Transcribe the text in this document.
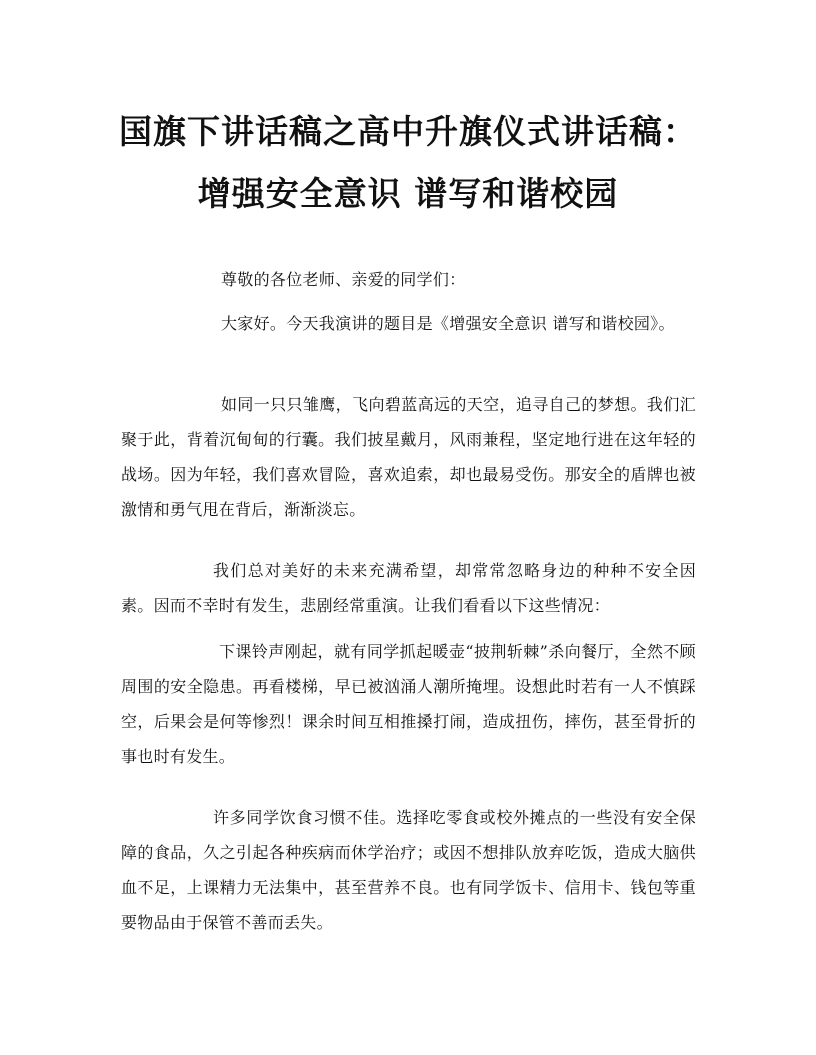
国旗下讲话稿之高中升旗仪式讲话稿：
增强安全意识 谱写和谐校园

尊敬的各位老师、亲爱的同学们：

大家好。今天我演讲的题目是《增强安全意识 谱写和谐校园》。

如同一只只雏鹰，飞向碧蓝高远的天空，追寻自己的梦想。我们汇聚于此，背着沉甸甸的行囊。我们披星戴月，风雨兼程，坚定地行进在这年轻的战场。因为年轻，我们喜欢冒险，喜欢追索，却也最易受伤。那安全的盾牌也被激情和勇气甩在背后，渐渐淡忘。

我们总对美好的未来充满希望，却常常忽略身边的种种不安全因素。因而不幸时有发生，悲剧经常重演。让我们看看以下这些情况：

下课铃声刚起，就有同学抓起暖壶“披荆斩棘”杀向餐厅，全然不顾周围的安全隐患。再看楼梯，早已被汹涌人潮所掩埋。设想此时若有一人不慎踩空，后果会是何等惨烈！课余时间互相推搡打闹，造成扭伤，摔伤，甚至骨折的事也时有发生。

许多同学饮食习惯不佳。选择吃零食或校外摊点的一些没有安全保障的食品，久之引起各种疾病而休学治疗；或因不想排队放弃吃饭，造成大脑供血不足，上课精力无法集中，甚至营养不良。也有同学饭卡、信用卡、钱包等重要物品由于保管不善而丢失。
